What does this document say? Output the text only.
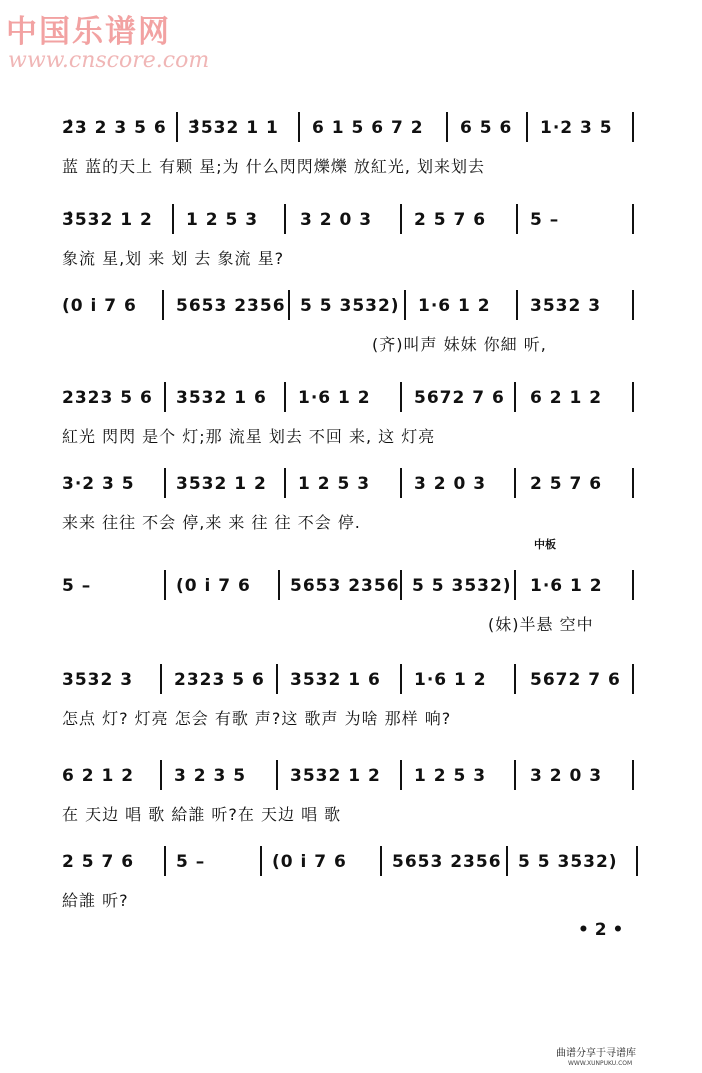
中国乐谱网
www.cnscore.com
2̂3 2 3 5 6 3̂532 1 1 6 1 5 6 7 2 6 5 6 1·2 3 5
蓝 蓝的天上 有颗 星;为 什么閃閃爍爍 放紅光, 划来划去
3̂532 1 2 1 2 5 3 3 2 0 3 2 5 7 6	5 –
象流 星,划 来 划 去 象流 星?
(0 i 7 6 5653 2356 5 5 3532) 1·6 1 2 3532 3
(齐)叫声 妹妹 你細 听,
2323 5 6 3532 1 6 1·6 1 2	5672 7 6 6 2 1 2
紅光 閃閃 是个 灯;那 流星 划去 不回 来, 这 灯亮
3·2 3 5 3532 1 2 1 2 5 3	3 2 0 3	2 5 7 6
来来 往往 不会 停,来 来 往 往 不会 停.
中板
5 –	(0 i 7 6 5653 2356 5 5 3532) 1·6 1 2
(妹)半悬 空中
3532 3 2323 5 6 3532 1 6 1·6 1 2	5672 7 6
怎点 灯? 灯亮 怎会 有歌 声?这 歌声 为啥 那样 响?
6 2 1 2 3 2 3 5	3532 1 2 1 2 5 3	3 2 0 3
在 天边 唱 歌 給誰 听?在 天边 唱 歌
2 5 7 6 5 –	(0 i 7 6	5653 2356 5 5 3532)
給誰 听?
• 2 •
曲谱分享于寻谱库
WWW.XUNPUKU.COM
